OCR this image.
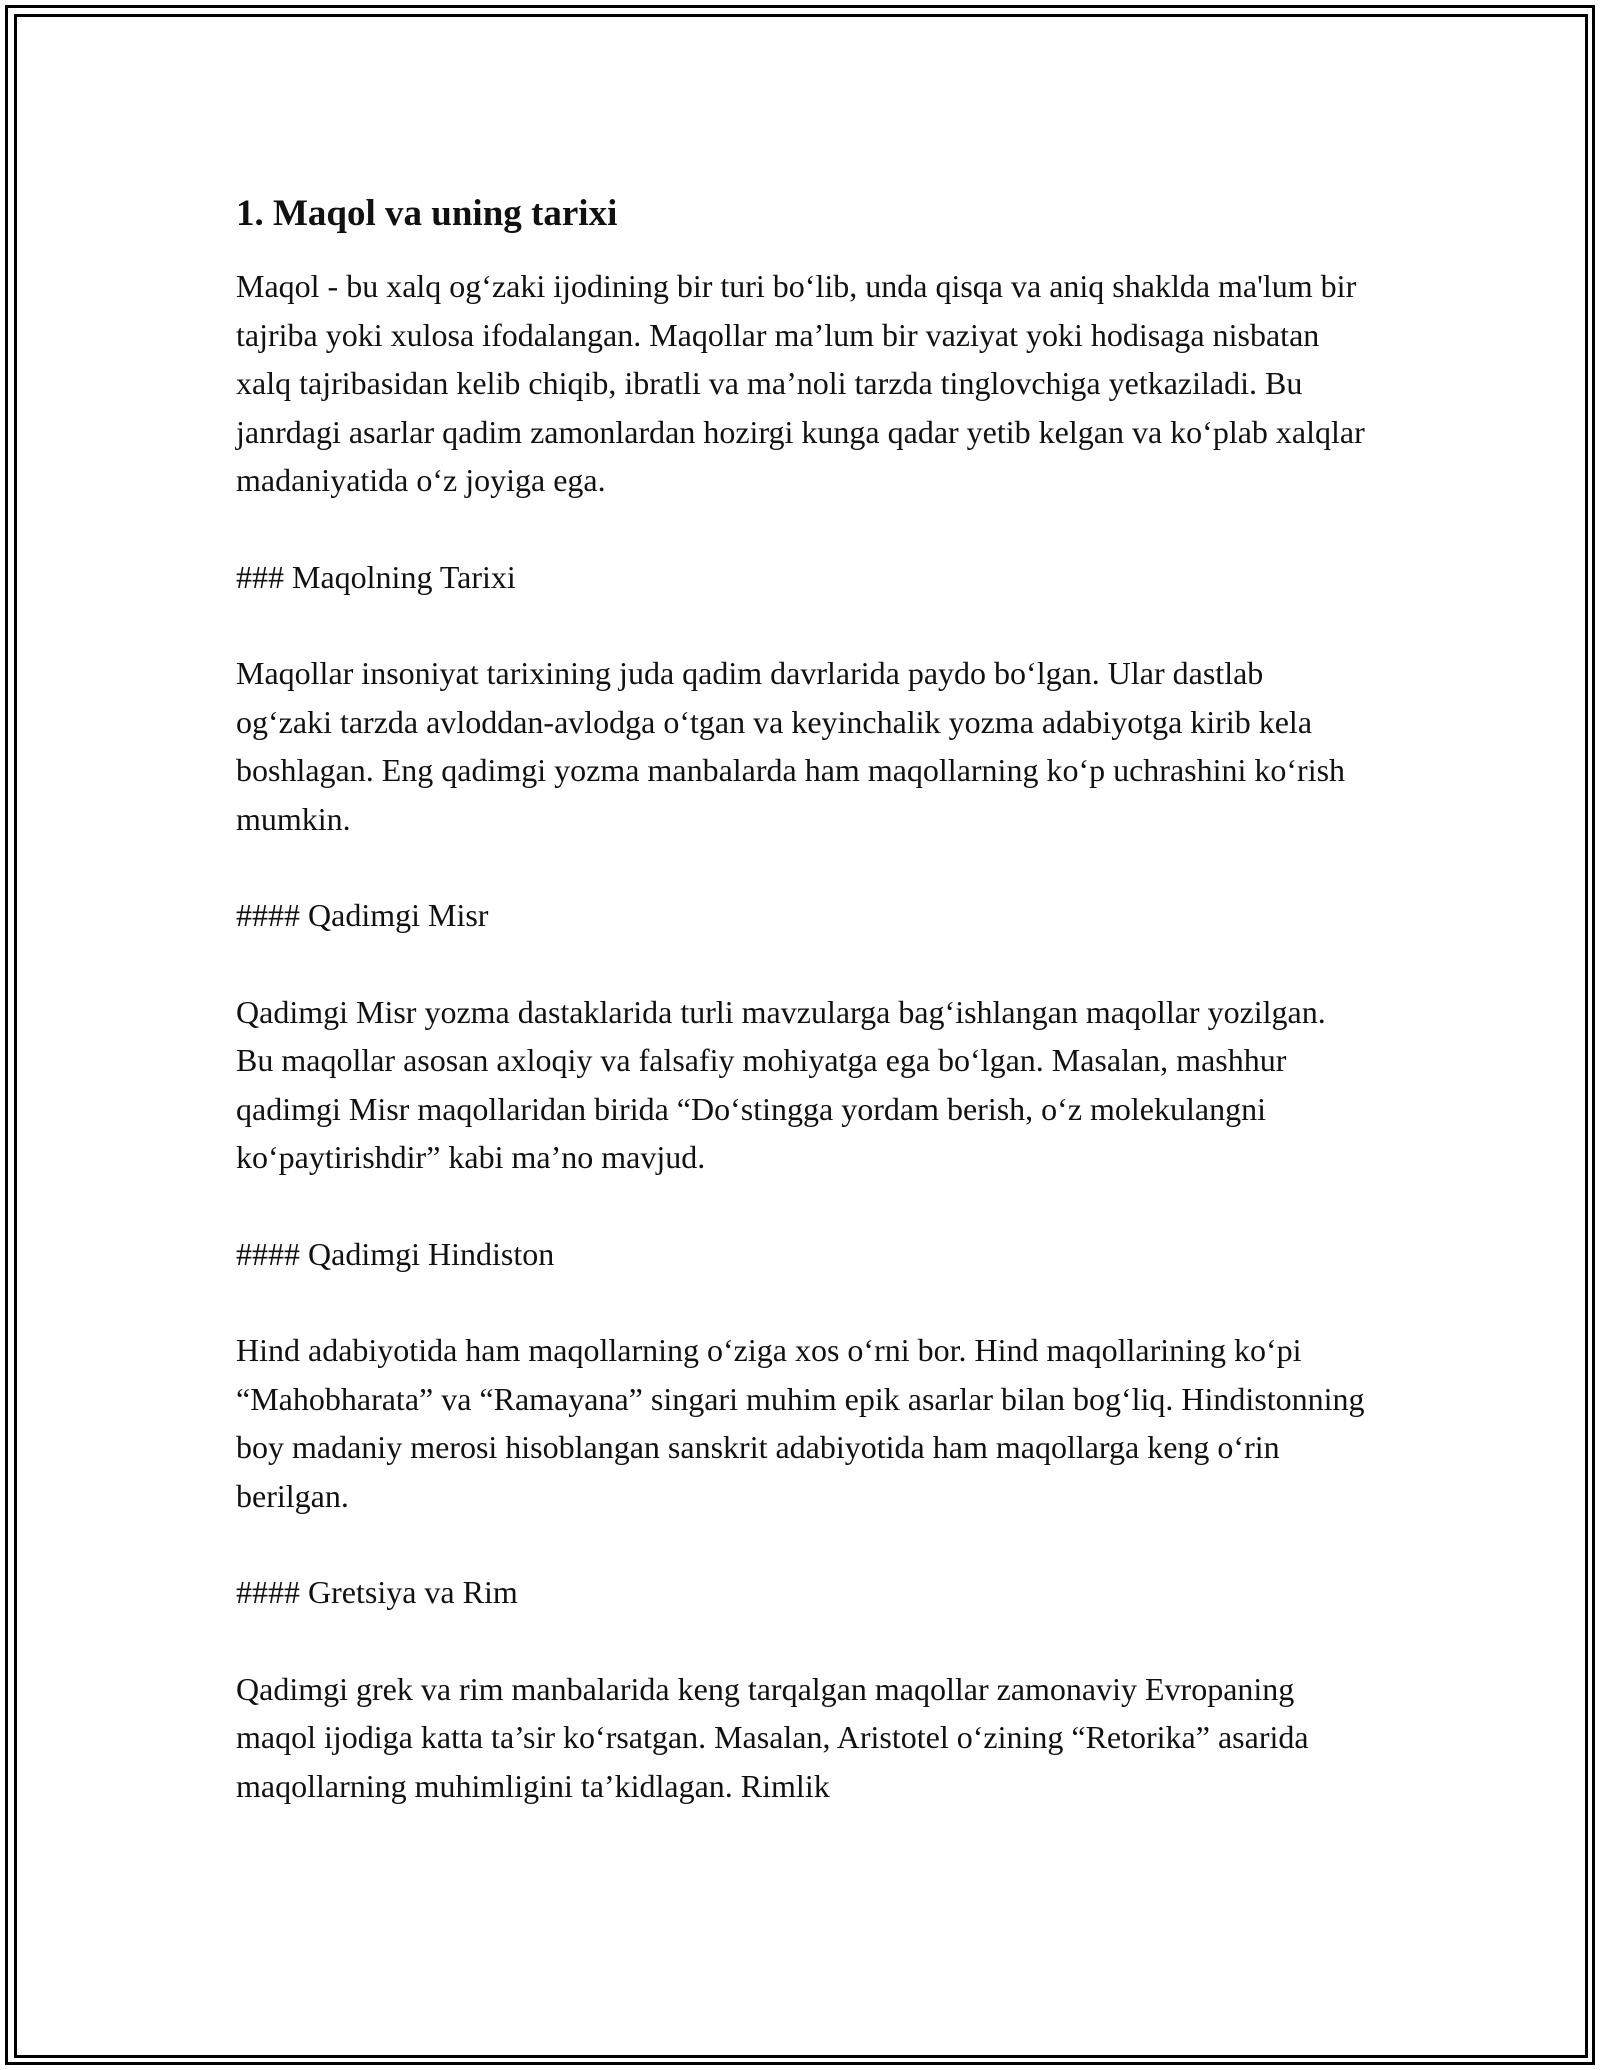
1. Maqol va uning tarixi

Maqol - bu xalq og‘zaki ijodining bir turi bo‘lib, unda qisqa va aniq shaklda ma'lum bir tajriba yoki xulosa ifodalangan. Maqollar ma’lum bir vaziyat yoki hodisaga nisbatan xalq tajribasidan kelib chiqib, ibratli va ma’noli tarzda tinglovchiga yetkaziladi. Bu janrdagi asarlar qadim zamonlardan hozirgi kunga qadar yetib kelgan va ko‘plab xalqlar madaniyatida o‘z joyiga ega.

### Maqolning Tarixi

Maqollar insoniyat tarixining juda qadim davrlarida paydo bo‘lgan. Ular dastlab og‘zaki tarzda avloddan-avlodga o‘tgan va keyinchalik yozma adabiyotga kirib kela boshlagan. Eng qadimgi yozma manbalarda ham maqollarning ko‘p uchrashini ko‘rish mumkin.

#### Qadimgi Misr

Qadimgi Misr yozma dastaklarida turli mavzularga bag‘ishlangan maqollar yozilgan. Bu maqollar asosan axloqiy va falsafiy mohiyatga ega bo‘lgan. Masalan, mashhur qadimgi Misr maqollaridan birida “Do‘stingga yordam berish, o‘z molekulangni ko‘paytirishdir” kabi ma’no mavjud.

#### Qadimgi Hindiston

Hind adabiyotida ham maqollarning o‘ziga xos o‘rni bor. Hind maqollarining ko‘pi “Mahobharata” va “Ramayana” singari muhim epik asarlar bilan bog‘liq. Hindistonning boy madaniy merosi hisoblangan sanskrit adabiyotida ham maqollarga keng o‘rin berilgan.

#### Gretsiya va Rim

Qadimgi grek va rim manbalarida keng tarqalgan maqollar zamonaviy Evropaning maqol ijodiga katta ta’sir ko‘rsatgan. Masalan, Aristotel o‘zining “Retorika” asarida maqollarning muhimligini ta’kidlagan. Rimlik
